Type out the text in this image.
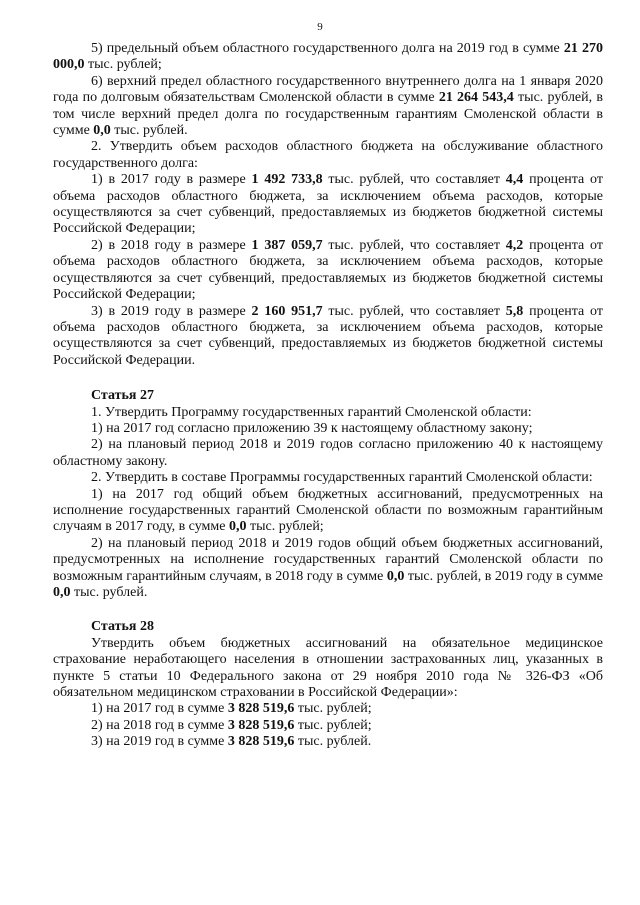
9

5) предельный объем областного государственного долга на 2019 год в сумме 21 270 000,0 тыс. рублей;

6) верхний предел областного государственного внутреннего долга на 1 января 2020 года по долговым обязательствам Смоленской области в сумме 21 264 543,4 тыс. рублей, в том числе верхний предел долга по государственным гарантиям Смоленской области в сумме 0,0 тыс. рублей.

2. Утвердить объем расходов областного бюджета на обслуживание областного государственного долга:

1) в 2017 году в размере 1 492 733,8 тыс. рублей, что составляет 4,4 процента от объема расходов областного бюджета, за исключением объема расходов, которые осуществляются за счет субвенций, предоставляемых из бюджетов бюджетной системы Российской Федерации;

2) в 2018 году в размере 1 387 059,7 тыс. рублей, что составляет 4,2 процента от объема расходов областного бюджета, за исключением объема расходов, которые осуществляются за счет субвенций, предоставляемых из бюджетов бюджетной системы Российской Федерации;

3) в 2019 году в размере 2 160 951,7 тыс. рублей, что составляет 5,8 процента от объема расходов областного бюджета, за исключением объема расходов, которые осуществляются за счет субвенций, предоставляемых из бюджетов бюджетной системы Российской Федерации.

Статья 27

1. Утвердить Программу государственных гарантий Смоленской области:

1) на 2017 год согласно приложению 39 к настоящему областному закону;

2) на плановый период 2018 и 2019 годов согласно приложению 40 к настоящему областному закону.

2. Утвердить в составе Программы государственных гарантий Смоленской области:

1) на 2017 год общий объем бюджетных ассигнований, предусмотренных на исполнение государственных гарантий Смоленской области по возможным гарантийным случаям в 2017 году, в сумме 0,0 тыс. рублей;

2) на плановый период 2018 и 2019 годов общий объем бюджетных ассигнований, предусмотренных на исполнение государственных гарантий Смоленской области по возможным гарантийным случаям, в 2018 году в сумме 0,0 тыс. рублей, в 2019 году в сумме 0,0 тыс. рублей.

Статья 28

Утвердить объем бюджетных ассигнований на обязательное медицинское страхование неработающего населения в отношении застрахованных лиц, указанных в пункте 5 статьи 10 Федерального закона от 29 ноября 2010 года № 326-ФЗ «Об обязательном медицинском страховании в Российской Федерации»:

1) на 2017 год в сумме 3 828 519,6 тыс. рублей;

2) на 2018 год в сумме 3 828 519,6 тыс. рублей;

3) на 2019 год в сумме 3 828 519,6 тыс. рублей.
